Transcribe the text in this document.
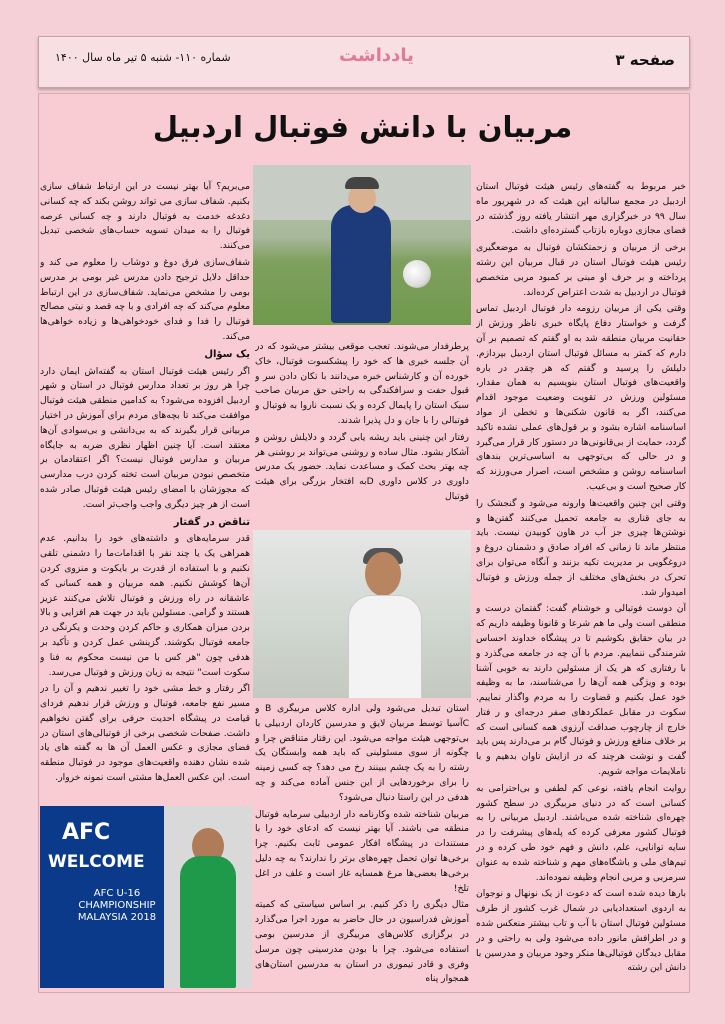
صفحه ۳
یادداشت
شماره ۱۱۰- شنبه ۵ تیر ماه سال ۱۴۰۰
مربیان با دانش فوتبال اردبیل

خبر مربوط به گفته‌های رئیس هیئت فوتبال استان اردبیل در مجمع سالیانه این هیئت که در شهریور ماه سال ۹۹ در خبرگزاری مهر انتشار یافته روز گذشته در فضای مجازی دوباره بازتاب گسترده‌ای داشت.

برخی از مربیان و زحمتکشان فوتبال به موضعگیری رئیس هیئت فوتبال استان در قبال مربیان این رشته پرداخته و بر حرف او مبنی بر کمبود مربی متخصص فوتبال در اردبیل به شدت اعتراض کرده‌اند.

وقتی یکی از مربیان رزومه دار فوتبال اردبیل تماس گرفت و خواستار دفاع پایگاه خبری ناظر ورزش از حقانیت مربیان منطقه شد به او گفتم که تصمیم بر آن دارم که کمتر به مسائل فوتبال استان اردبیل بپردازم. دلیلش را پرسید و گفتم که هر چقدر در باره واقعیت‌های فوتبال استان بنویسیم به همان مقدار، مسئولین ورزش در تقویت وضعیت موجود اقدام می‌کنند، اگر به قانون شکنی‌ها و تخطی از مواد اساسنامه اشاره بشود و بر قول‌های عملی نشده تاکید گردد، حمایت از بی‌قانونی‌ها در دستور کار قرار می‌گیرد و در حالی که بی‌توجهی به اساسی‌ترین بندهای اساسنامه روشن و مشخص است، اصرار می‌ورزند که کار صحیح است و بی‌عیب.

وقتی این چنین واقعیت‌ها وارونه می‌شود و گنجشک را به جای قناری به جامعه تحمیل می‌کنند گفتن‌ها و نوشتن‌ها چیزی جز آب در هاون کوبیدن نیست. باید منتظر ماند تا زمانی که افراد صادق و دشمنان دروغ و دروغگویی بر مدیریت تکیه بزنند و آنگاه می‌توان برای تحرک در بخش‌های مختلف از جمله ورزش و فوتبال امیدوار شد.

آن دوست فوتبالی و خوشنام گفت: گفتمان درست و منطقی است ولی ما هم شرعا و قانونا وظیفه داریم که در بیان حقایق بکوشیم تا در پیشگاه خداوند احساس شرمندگی ننماییم. مردم با آن چه در جامعه می‌گذرد و با رفتاری که هر یک از مسئولین دارند به خوبی آشنا بوده و ویژگی همه آن‌ها را می‌شناسند، ما به وظیفه خود عمل بکنیم و قضاوت را به مردم واگذار نماییم. سکوت در مقابل عملکردهای صفر درجه‌ای و ر فتار خارج از چارچوب صداقت آرزوی همه کسانی است که بر خلاف منافع ورزش و فوتبال گام بر می‌دارند پس باید گفت و نوشت هرچند که در ازایش تاوان بدهیم و با ناملایمات مواجه شویم.

روایت انجام یافته، نوعی کم لطفی و بی‌احترامی به کسانی است که در دنیای مربیگری در سطح کشور چهره‌ای شناخته شده می‌باشند. اردبیل مربیانی را به فوتبال کشور معرفی کرده که پله‌های پیشرفت را در سایه توانایی، علم، دانش و فهم خود طی کرده و در تیم‌های ملی و باشگاه‌های مهم و شناخته شده به عنوان سرمربی و مربی انجام وظیفه نموده‌اند.

بارها دیده شده است که دعوت از یک نونهال و نوجوان به اردوی استعدادیابی در شمال غرب کشور از طرف مسئولین فوتبال استان با آب و تاب بیشتر منعکس شده و در اطرافش مانور داده می‌شود ولی به راحتی و در مقابل دیدگان فوتبالی‌ها منکر وجود مربیان و مدرسین با دانش این رشته

پرطرفدار می‌شوند. تعجب موقعی بیشتر می‌شود که در آن جلسه خبری ها که خود را پیشکسوت فوتبال، خاک خورده آن و کارشناس خبره می‌دانند با تکان دادن سر و قبول حفت و سرافکندگی به راحتی حق مربیان صاحب سبک استان را پایمال کرده و یک نسبت ناروا به فوتبال و فوتبالی را با جان و دل پذیرا شدند.

رفتار این چنینی باید ریشه یابی گردد و دلایلش روشن و آشکار بشود. مثال ساده و روشنی می‌تواند بر روشنی هر چه بهتر بحث کمک و مساعدت نماید. حضور یک مدرس داوری در کلاس داوری Dبه افتخار بزرگی برای هیئت فوتبال

استان تبدیل می‌شود ولی اداره کلاس مربیگری B و Cآسیا توسط مربیان لایق و مدرسین کاردان اردبیلی با بی‌توجهی هیئت مواجه می‌شود. این رفتار متناقض چرا و چگونه از سوی مسئولینی که باید همه وابستگان یک رشته را به یک چشم ببینند رخ می دهد؟ چه کسی زمینه را برای برخوردهایی از این جنس آماده می‌کند و چه هدفی در این راستا دنبال می‌شود؟

مربیان شناخته شده وکارنامه دار اردبیلی سرمایه فوتبال منطقه می باشند. آیا بهتر نیست که ادعای خود را با مستندات در پیشگاه افکار عمومی ثابت بکنیم. چرا برخی‌ها توان تحمل چهره‌های برتر را ندارند؟ به چه دلیل برخی‌ها بعضی‌ها مرغ همسایه غاز است و علف در اغل تلخ!

مثال دیگری را ذکر کنیم. بر اساس سیاستی که کمیته آموزش فدراسیون در حال حاضر به مورد اجرا می‌گذارد در برگزاری کلاس‌های مربیگری از مدرسین بومی استفاده می‌شود. چرا با بودن مدرسینی چون مرسل وفری و قادر تیموری در استان به مدرسین استان‌های همجوار پناه

می‌بریم؟ آیا بهتر نیست در این ارتباط شفاف سازی بکنیم. شفاف سازی می تواند روشن بکند که چه کسانی دغدغه خدمت به فوتبال دارند و چه کسانی عرصه فوتبال را به میدان تسویه حساب‌های شخصی تبدیل می‌کنند.

شفاف‌سازی فرق دوغ و دوشاب را معلوم می کند و حداقل دلایل ترجیح دادن مدرس غیر بومی بر مدرس بومی را مشخص می‌نماید. شفاف‌سازی در این ارتباط معلوم می‌کند که چه افرادی و با چه قصد و نیتی مصالح فوتبال را فدا و فدای خودخواهی‌ها و زیاده خواهی‌ها می‌کند.

یک سؤال

اگر رئیس هیئت فوتبال استان به گفته‌اش ایمان دارد چرا هر روز بر تعداد مدارس فوتبال در استان و شهر اردبیل افزوده می‌شود؟ به کدامین منطقی هیئت فوتبال موافقت می‌کند تا بچه‌های مردم برای آموزش در اختیار مربیانی قرار بگیرند که به بی‌دانشی و بی‌سوادی آن‌ها معتقد است. آیا چنین اظهار نظری ضربه به جایگاه مربیان و مدارس فوتبال نیست؟ اگر اعتقادمان بر متخصص نبودن مربیان است تخته کردن درب مدارسی که مجوزشان با امضای رئیس هیئت فوتبال صادر شده است از هر چیز دیگری واجب واجب‌تر است.

تناقض در گفتار

قدر سرمایه‌های و داشته‌های خود را بدانیم. عدم همراهی یک یا چند نفر با اقدامات‌ما را دشمنی تلقی نکنیم و با استفاده از قدرت بر بایکوت و منزوی کردن آن‌ها کوشش نکنیم. همه مربیان و همه کسانی که عاشقانه در راه ورزش و فوتبال تلاش می‌کنند عزیز هستند و گرامی. مسئولین باید در جهت هم افزایی و بالا بردن میزان همکاری و حاکم کردن وحدت و یکرنگی در جامعه فوتبال بکوشند. گزینشی عمل کردن و تأکید بر هدفی چون "هر کس با من نیست محکوم به فنا و سکوت است" نتیجه به زیان ورزش و فوتبال می‌رسد.

اگر رفتار و خط مشی خود را تغییر ندهیم و آن را در مسیر نفع جامعه، فوتبال و ورزش قرار ندهیم فردای قیامت در پیشگاه احدیت حرفی برای گفتن نخواهیم داشت. صفحات شخصی برخی از فوتبالی‌های استان در فضای مجازی و عکس العمل آن ها به گفته های یاد شده نشان دهنده واقعیت‌های موجود در فوتبال منطقه است. این عکس العمل‌ها مشتی است نمونه خروار.

AFC
WELCOME
AFC U-16 CHAMPIONSHIP MALAYSIA 2018
